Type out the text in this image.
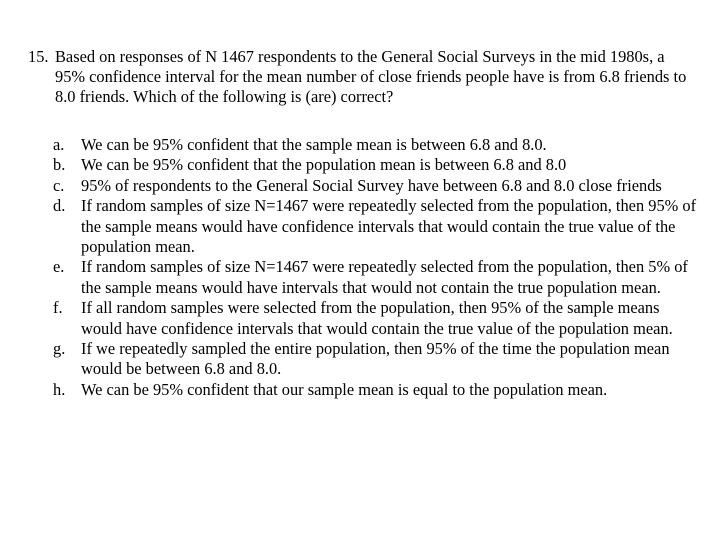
15. Based on responses of N 1467 respondents to the General Social Surveys in the mid 1980s, a 95% confidence interval for the mean number of close friends people have is from 6.8 friends to 8.0 friends. Which of the following is (are) correct?
a.	We can be 95% confident that the sample mean is between 6.8 and 8.0.
b. We can be 95% confident that the population mean is between 6.8 and 8.0
c.	95% of respondents to the General Social Survey have between 6.8 and 8.0 close friends
d. If random samples of size N=1467 were repeatedly selected from the population, then 95% of the sample means would have confidence intervals that would contain the true value of the population mean.
e.	If random samples of size N=1467 were repeatedly selected from the population, then 5% of the sample means would have intervals that would not contain the true population mean.
f.	If all random samples were selected from the population, then 95% of the sample means would have confidence intervals that would contain the true value of the population mean.
g. If we repeatedly sampled the entire population, then 95% of the time the population mean would be between 6.8 and 8.0.
h. We can be 95% confident that our sample mean is equal to the population mean.
